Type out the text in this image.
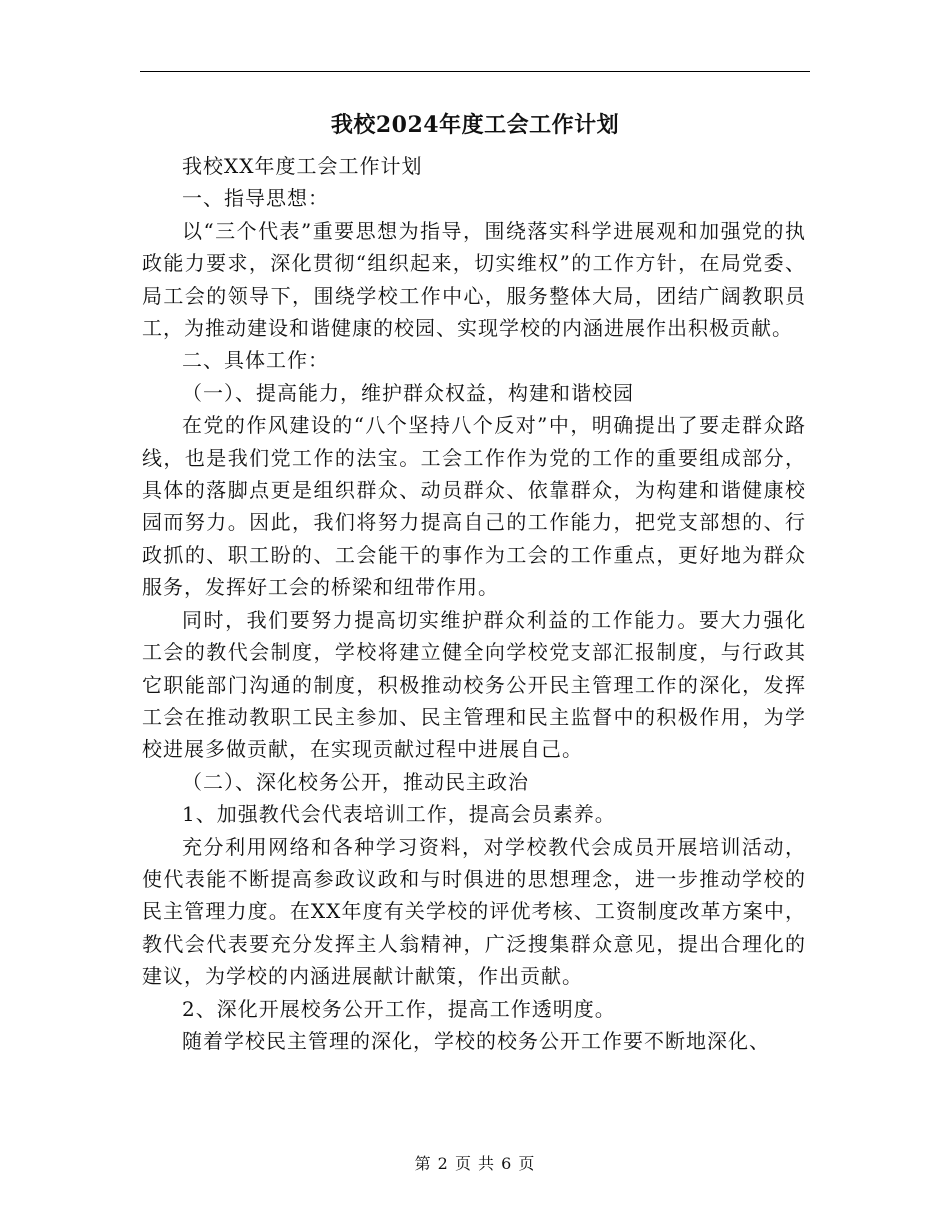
我校2024年度工会工作计划

我校XX年度工会工作计划

一、指导思想：

以“三个代表”重要思想为指导，围绕落实科学进展观和加强党的执政能力要求，深化贯彻“组织起来，切实维权”的工作方针，在局党委、局工会的领导下，围绕学校工作中心，服务整体大局，团结广阔教职员工，为推动建设和谐健康的校园、实现学校的内涵进展作出积极贡献。

二、具体工作：

（一）、提高能力，维护群众权益，构建和谐校园

在党的作风建设的“八个坚持八个反对”中，明确提出了要走群众路线，也是我们党工作的法宝。工会工作作为党的工作的重要组成部分，具体的落脚点更是组织群众、动员群众、依靠群众，为构建和谐健康校园而努力。因此，我们将努力提高自己的工作能力，把党支部想的、行政抓的、职工盼的、工会能干的事作为工会的工作重点，更好地为群众服务，发挥好工会的桥梁和纽带作用。

同时，我们要努力提高切实维护群众利益的工作能力。要大力强化工会的教代会制度，学校将建立健全向学校党支部汇报制度，与行政其它职能部门沟通的制度，积极推动校务公开民主管理工作的深化，发挥工会在推动教职工民主参加、民主管理和民主监督中的积极作用，为学校进展多做贡献，在实现贡献过程中进展自己。

（二）、深化校务公开，推动民主政治

1、加强教代会代表培训工作，提高会员素养。

充分利用网络和各种学习资料，对学校教代会成员开展培训活动，使代表能不断提高参政议政和与时俱进的思想理念，进一步推动学校的民主管理力度。在XX年度有关学校的评优考核、工资制度改革方案中，教代会代表要充分发挥主人翁精神，广泛搜集群众意见，提出合理化的建议，为学校的内涵进展献计献策，作出贡献。

2、深化开展校务公开工作，提高工作透明度。

随着学校民主管理的深化，学校的校务公开工作要不断地深化、

第 2 页 共 6 页
